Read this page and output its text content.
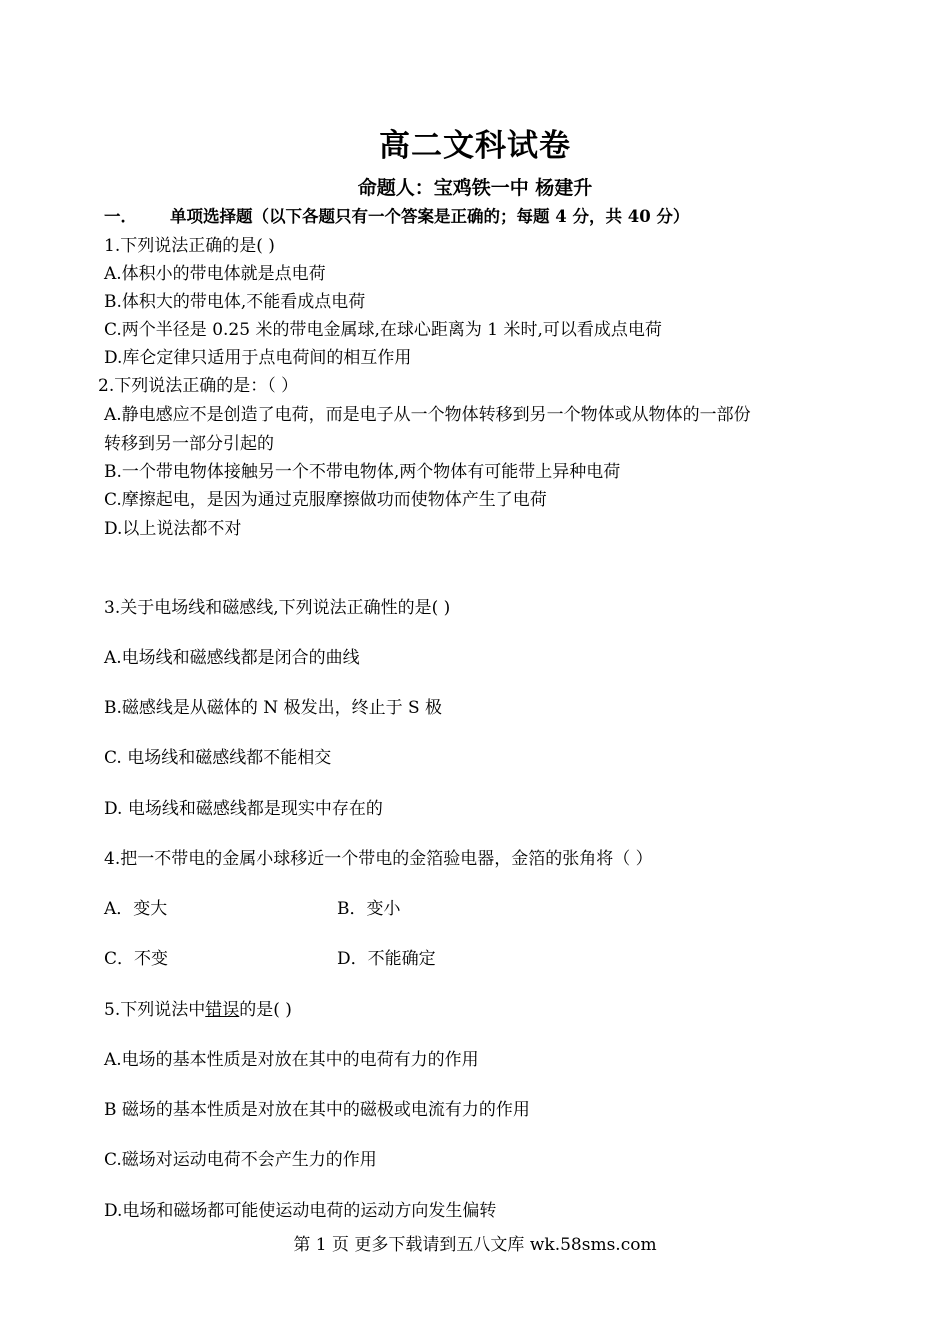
高二文科试卷
命题人：宝鸡铁一中 杨建升
一． 单项选择题（以下各题只有一个答案是正确的；每题 4 分，共 40 分）
1.下列说法正确的是( )
A.体积小的带电体就是点电荷
B.体积大的带电体,不能看成点电荷
C.两个半径是 0.25 米的带电金属球,在球心距离为 1 米时,可以看成点电荷
D.库仑定律只适用于点电荷间的相互作用
2.下列说法正确的是：（ ）
A.静电感应不是创造了电荷，而是电子从一个物体转移到另一个物体或从物体的一部份
转移到另一部分引起的
B.一个带电物体接触另一个不带电物体,两个物体有可能带上异种电荷
C.摩擦起电，是因为通过克服摩擦做功而使物体产生了电荷
D.以上说法都不对
3.关于电场线和磁感线,下列说法正确性的是( )
A.电场线和磁感线都是闭合的曲线
B.磁感线是从磁体的 N 极发出，终止于 S 极
C. 电场线和磁感线都不能相交
D. 电场线和磁感线都是现实中存在的
4.把一不带电的金属小球移近一个带电的金箔验电器，金箔的张角将（ ）
A．变大	B．变小
C．不变	D．不能确定
5.下列说法中错误的是( )
A.电场的基本性质是对放在其中的电荷有力的作用
B 磁场的基本性质是对放在其中的磁极或电流有力的作用
C.磁场对运动电荷不会产生力的作用
D.电场和磁场都可能使运动电荷的运动方向发生偏转
第 1 页 更多下载请到五八文库 wk.58sms.com
